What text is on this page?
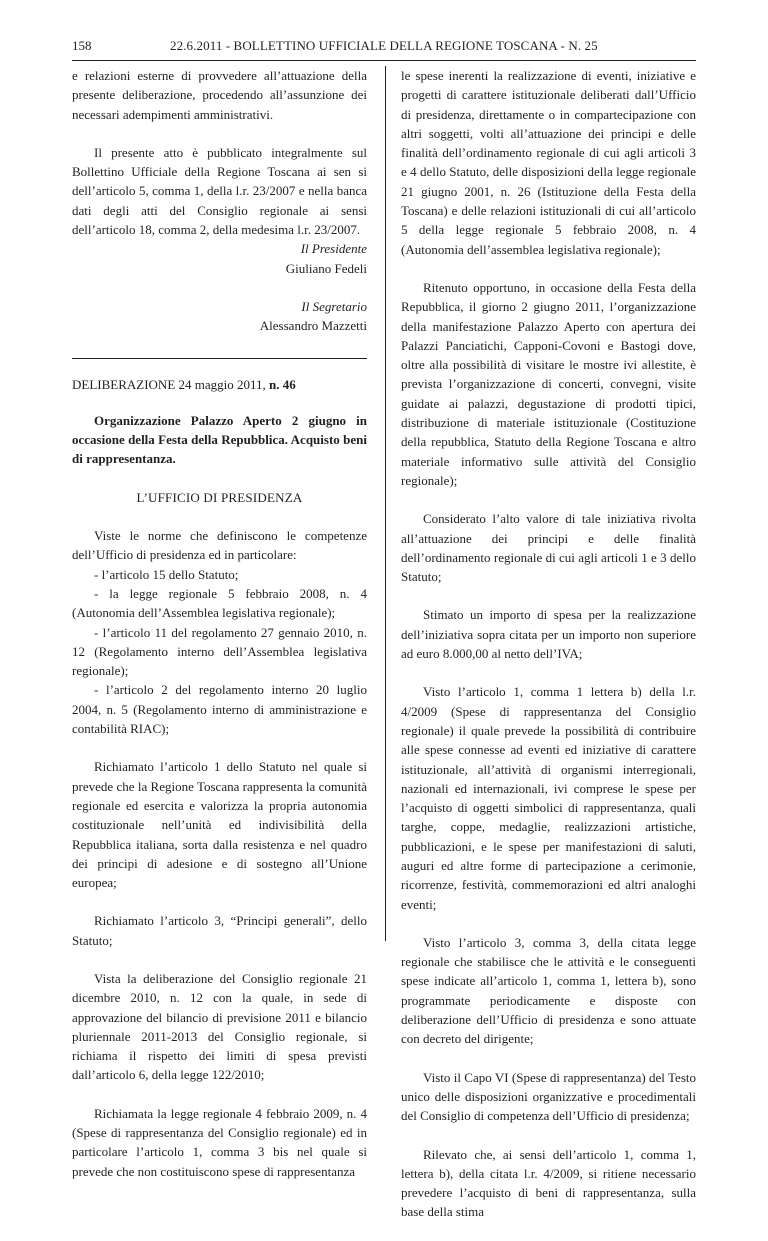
158	22.6.2011 - BOLLETTINO UFFICIALE DELLA REGIONE TOSCANA - N. 25

e relazioni esterne di provvedere all’attuazione della presente deliberazione, procedendo all’assunzione dei necessari adempimenti amministrativi.

Il presente atto è pubblicato integralmente sul Bollettino Ufficiale della Regione Toscana ai sen si dell’articolo 5, comma 1, della l.r. 23/2007 e nella banca dati degli atti del Consiglio regionale ai sensi dell’articolo 18, comma 2, della medesima l.r. 23/2007.

Il Presidente
Giuliano Fedeli
Il Segretario
Alessandro Mazzetti
DELIBERAZIONE 24 maggio 2011, n. 46
Organizzazione Palazzo Aperto 2 giugno in occasione della Festa della Repubblica. Acquisto beni di rappresentanza.
L’UFFICIO DI PRESIDENZA
Viste le norme che definiscono le competenze dell’Ufficio di presidenza ed in particolare:
- l’articolo 15 dello Statuto;
- la legge regionale 5 febbraio 2008, n. 4 (Autonomia dell’Assemblea legislativa regionale);
- l’articolo 11 del regolamento 27 gennaio 2010, n. 12 (Regolamento interno dell’Assemblea legislativa regionale);
- l’articolo 2 del regolamento interno 20 luglio 2004, n. 5 (Regolamento interno di amministrazione e contabilità RIAC);

Richiamato l’articolo 1 dello Statuto nel quale si prevede che la Regione Toscana rappresenta la comunità regionale ed esercita e valorizza la propria autonomia costituzionale nell’unità ed indivisibilità della Repubblica italiana, sorta dalla resistenza e nel quadro dei principi di adesione e di sostegno all’Unione europea;

Richiamato l’articolo 3, “Principi generali”, dello Statuto;

Vista la deliberazione del Consiglio regionale 21 dicembre 2010, n. 12 con la quale, in sede di approvazione del bilancio di previsione 2011 e bilancio pluriennale 2011-2013 del Consiglio regionale, si richiama il rispetto dei limiti di spesa previsti dall’articolo 6, della legge 122/2010;

Richiamata la legge regionale 4 febbraio 2009, n. 4 (Spese di rappresentanza del Consiglio regionale) ed in particolare l’articolo 1, comma 3 bis nel quale si prevede che non costituiscono spese di rappresentanza

le spese inerenti la realizzazione di eventi, iniziative e progetti di carattere istituzionale deliberati dall’Ufficio di presidenza, direttamente o in compartecipazione con altri soggetti, volti all’attuazione dei principi e delle finalità dell’ordinamento regionale di cui agli articoli 3 e 4 dello Statuto, delle disposizioni della legge regionale 21 giugno 2001, n. 26 (Istituzione della Festa della Toscana) e delle relazioni istituzionali di cui all’articolo 5 della legge regionale 5 febbraio 2008, n. 4 (Autonomia dell’assemblea legislativa regionale);

Ritenuto opportuno, in occasione della Festa della Repubblica, il giorno 2 giugno 2011, l’organizzazione della manifestazione Palazzo Aperto con apertura dei Palazzi Panciatichi, Capponi-Covoni e Bastogi dove, oltre alla possibilità di visitare le mostre ivi allestite, è prevista l’organizzazione di concerti, convegni, visite guidate ai palazzi, degustazione di prodotti tipici, distribuzione di materiale istituzionale (Costituzione della repubblica, Statuto della Regione Toscana e altro materiale informativo sulle attività del Consiglio regionale);

Considerato l’alto valore di tale iniziativa rivolta all’attuazione dei principi e delle finalità dell’ordinamento regionale di cui agli articoli 1 e 3 dello Statuto;

Stimato un importo di spesa per la realizzazione dell’iniziativa sopra citata per un importo non superiore ad euro 8.000,00 al netto dell’IVA;

Visto l’articolo 1, comma 1 lettera b) della l.r. 4/2009 (Spese di rappresentanza del Consiglio regionale) il quale prevede la possibilità di contribuire alle spese connesse ad eventi ed iniziative di carattere istituzionale, all’attività di organismi interregionali, nazionali ed internazionali, ivi comprese le spese per l’acquisto di oggetti simbolici di rappresentanza, quali targhe, coppe, medaglie, realizzazioni artistiche, pubblicazioni, e le spese per manifestazioni di saluti, auguri ed altre forme di partecipazione a cerimonie, ricorrenze, festività, commemorazioni ed altri analoghi eventi;

Visto l’articolo 3, comma 3, della citata legge regionale che stabilisce che le attività e le conseguenti spese indicate all’articolo 1, comma 1, lettera b), sono programmate periodicamente e disposte con deliberazione dell’Ufficio di presidenza e sono attuate con decreto del dirigente;

Visto il Capo VI (Spese di rappresentanza) del Testo unico delle disposizioni organizzative e procedimentali del Consiglio di competenza dell’Ufficio di presidenza;

Rilevato che, ai sensi dell’articolo 1, comma 1, lettera b), della citata l.r. 4/2009, si ritiene necessario prevedere l’acquisto di beni di rappresentanza, sulla base della stima
